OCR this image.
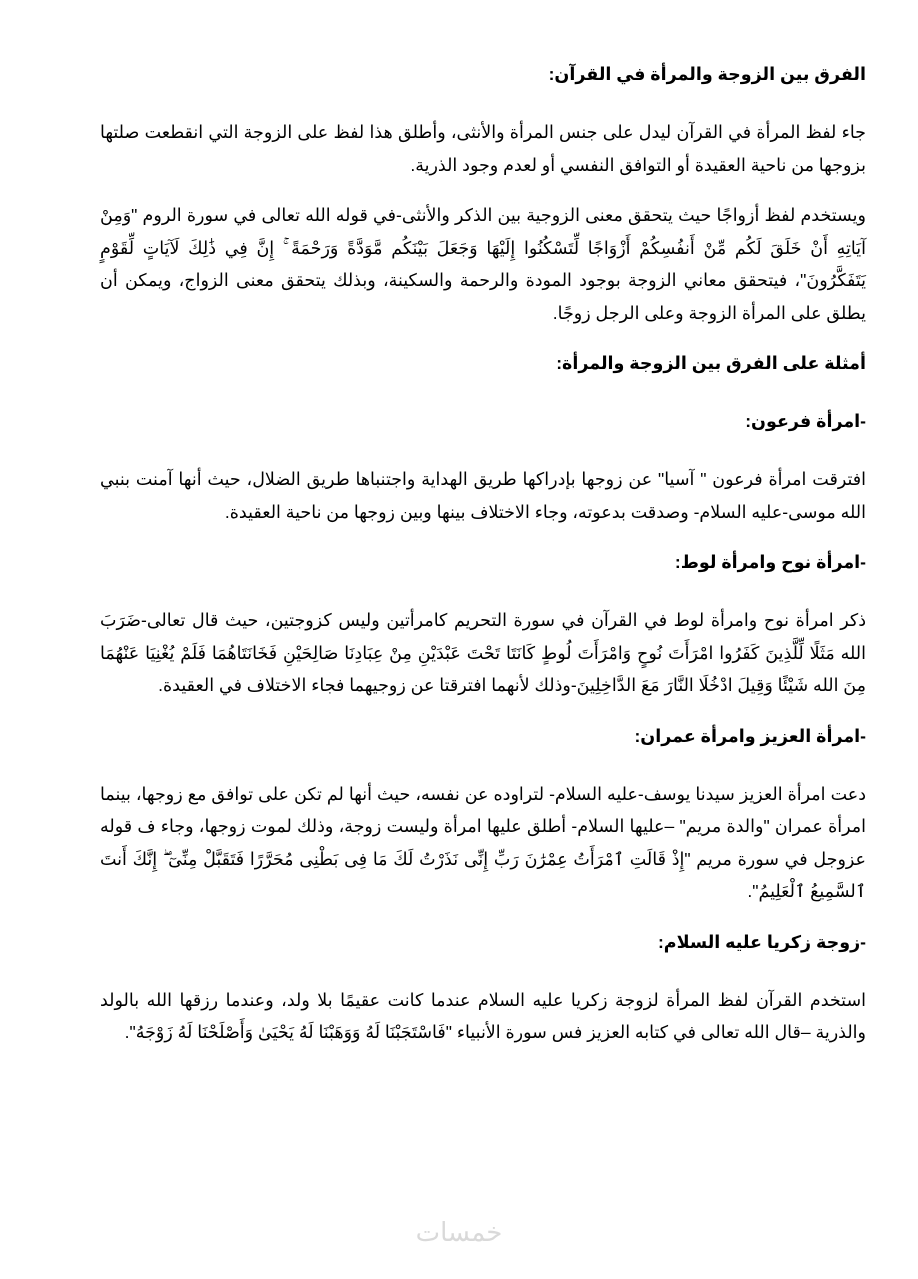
الفرق بين الزوجة والمرأة في القرآن:

جاء لفظ المرأة في القرآن ليدل على جنس المرأة والأنثى، وأطلق هذا لفظ على الزوجة التي انقطعت صلتها بزوجها من ناحية العقيدة أو التوافق النفسي أو لعدم وجود الذرية.

ويستخدم لفظ أزواجًا حيث يتحقق معنى الزوجية بين الذكر والأنثى-في قوله الله تعالى في سورة الروم "وَمِنْ آيَاتِهِ أَنْ خَلَقَ لَكُم مِّنْ أَنفُسِكُمْ أَزْوَاجًا لِّتَسْكُنُوا إِلَيْهَا وَجَعَلَ بَيْنَكُم مَّوَدَّةً وَرَحْمَةً ۚ إِنَّ فِي ذَٰلِكَ لَآيَاتٍ لِّقَوْمٍ يَتَفَكَّرُونَ"، فيتحقق معاني الزوجة بوجود المودة والرحمة والسكينة، وبذلك يتحقق معنى الزواج، ويمكن أن يطلق على المرأة الزوجة وعلى الرجل زوجًا.

أمثلة على الفرق بين الزوجة والمرأة:
-امرأة فرعون:

افترقت امرأة فرعون " آسيا" عن زوجها بإدراكها طريق الهداية واجتنباها طريق الضلال، حيث أنها آمنت بنبي الله موسى-عليه السلام- وصدقت بدعوته، وجاء الاختلاف بينها وبين زوجها من ناحية العقيدة.

-امرأة نوح وامرأة لوط:

ذكر امرأة نوح وامرأة لوط في القرآن في سورة التحريم كامرأتين وليس كزوجتين، حيث قال تعالى-ضَرَبَ الله مَثَلًا لِّلَّذِينَ كَفَرُوا امْرَأَتَ نُوحٍ وَامْرَأَتَ لُوطٍ كَانَتَا تَحْتَ عَبْدَيْنِ مِنْ عِبَادِنَا صَالِحَيْنِ فَخَانَتَاهُمَا فَلَمْ يُغْنِيَا عَنْهُمَا مِنَ الله شَيْئًا وَقِيلَ ادْخُلَا النَّارَ مَعَ الدَّاخِلِينَ-وذلك لأنهما افترقتا عن زوجيهما فجاء الاختلاف في العقيدة.

-امرأة العزيز وامرأة عمران:

دعت امرأة العزيز سيدنا يوسف-عليه السلام- لتراوده عن نفسه، حيث أنها لم تكن على توافق مع زوجها، بينما امرأة عمران "والدة مريم" –عليها السلام- أطلق عليها امرأة وليست زوجة، وذلك لموت زوجها، وجاء ف قوله عزوجل في سورة مريم "إِذْ قَالَتِ ٱمْرَأَتُ عِمْرَٰنَ رَبِّ إِنِّى نَذَرْتُ لَكَ مَا فِى بَطْنِى مُحَرَّرًا فَتَقَبَّلْ مِنِّىٓ ۖ إِنَّكَ أَنتَ ٱلسَّمِيعُ ٱلْعَلِيمُ".

-زوجة زكريا عليه السلام:

استخدم القرآن لفظ المرأة لزوجة زكريا عليه السلام عندما كانت عقيمًا بلا ولد، وعندما رزقها الله بالولد والذرية –قال الله تعالى في كتابه العزيز فس سورة الأنبياء "فَاسْتَجَبْنَا لَهُ وَوَهَبْنَا لَهُ يَحْيَىٰ وَأَصْلَحْنَا لَهُ زَوْجَهُ".

خمسات
